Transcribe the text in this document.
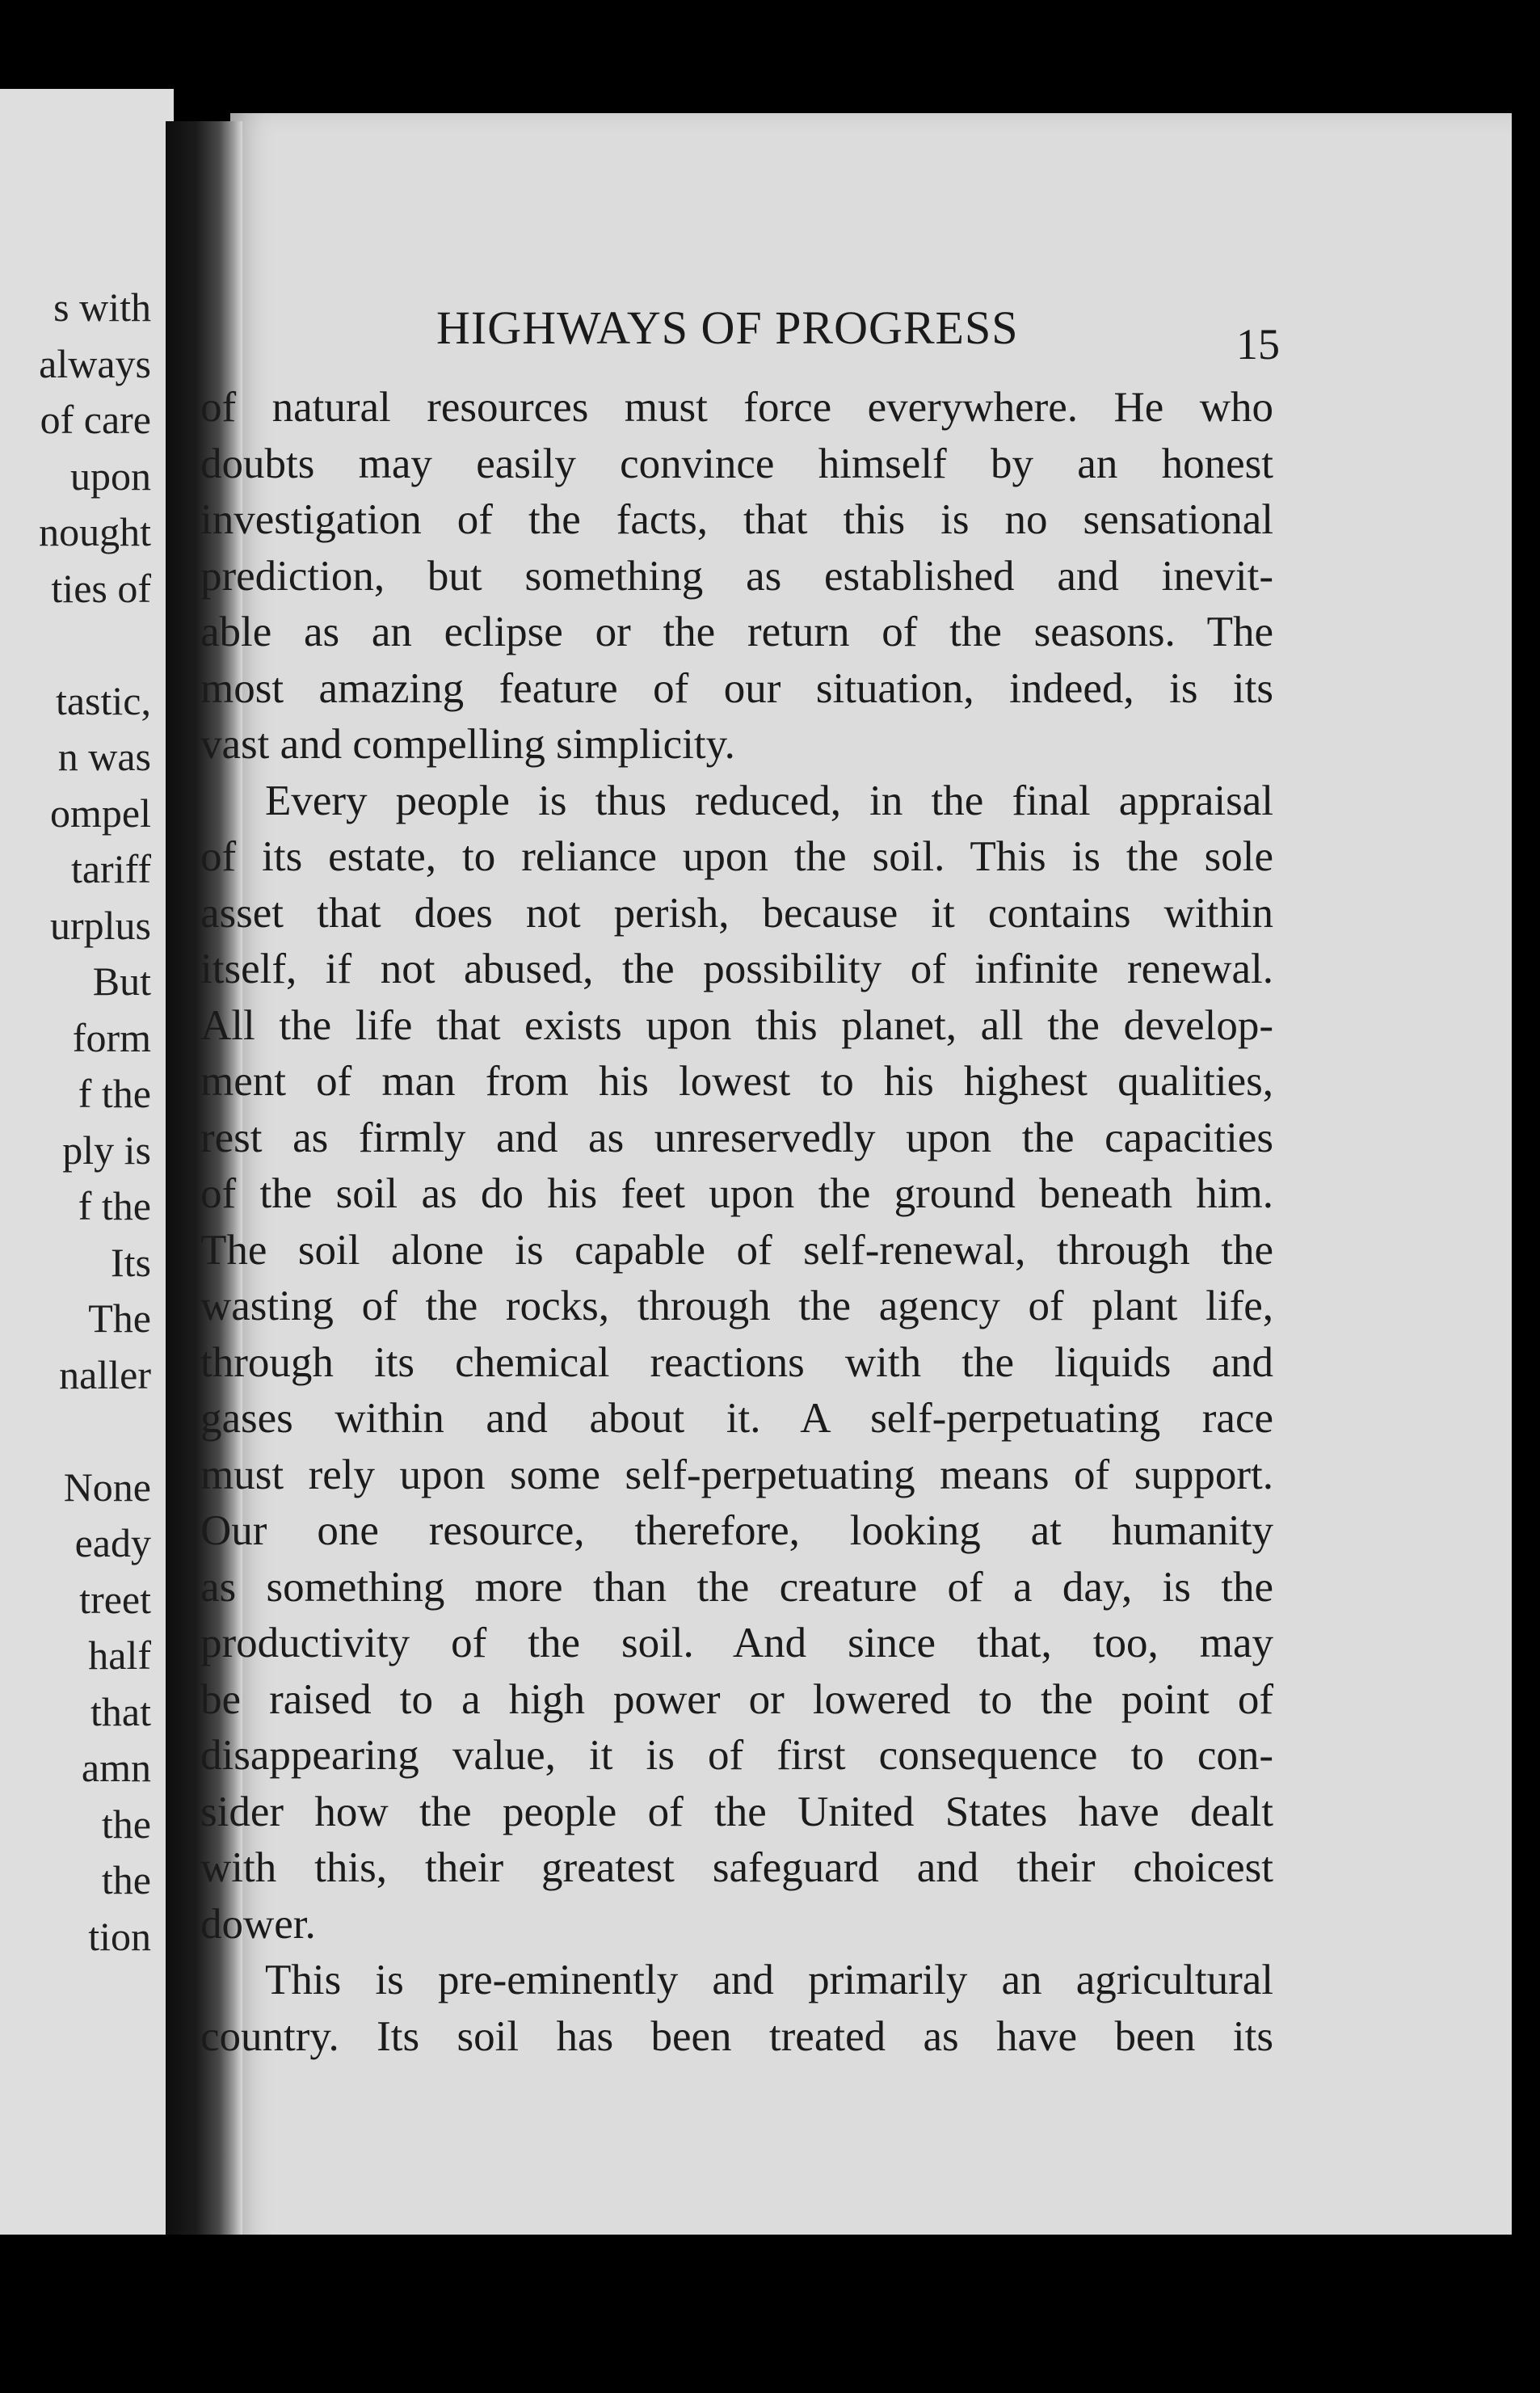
s with
always
of care
upon
nought
ties of
tastic,
n was
ompel
tariff
urplus
But
form
f the
ply is
f the
Its
The
naller
None
eady
treet
half
that
amn
the
the
tion
HIGHWAYS OF PROGRESS	15
of natural resources must force everywhere. He who
doubts may easily convince himself by an honest
investigation of the facts, that this is no sensational
prediction, but something as established and inevit-
able as an eclipse or the return of the seasons. The
most amazing feature of our situation, indeed, is its
vast and compelling simplicity.
Every people is thus reduced, in the final appraisal
of its estate, to reliance upon the soil. This is the sole
asset that does not perish, because it contains within
itself, if not abused, the possibility of infinite renewal.
All the life that exists upon this planet, all the develop-
ment of man from his lowest to his highest qualities,
rest as firmly and as unreservedly upon the capacities
of the soil as do his feet upon the ground beneath him.
The soil alone is capable of self-renewal, through the
wasting of the rocks, through the agency of plant life,
through its chemical reactions with the liquids and
gases within and about it. A self-perpetuating race
must rely upon some self-perpetuating means of support.
Our one resource, therefore, looking at humanity
as something more than the creature of a day, is the
productivity of the soil. And since that, too, may
be raised to a high power or lowered to the point of
disappearing value, it is of first consequence to con-
sider how the people of the United States have dealt
with this, their greatest safeguard and their choicest
dower.
This is pre-eminently and primarily an agricultural
country. Its soil has been treated as have been its
